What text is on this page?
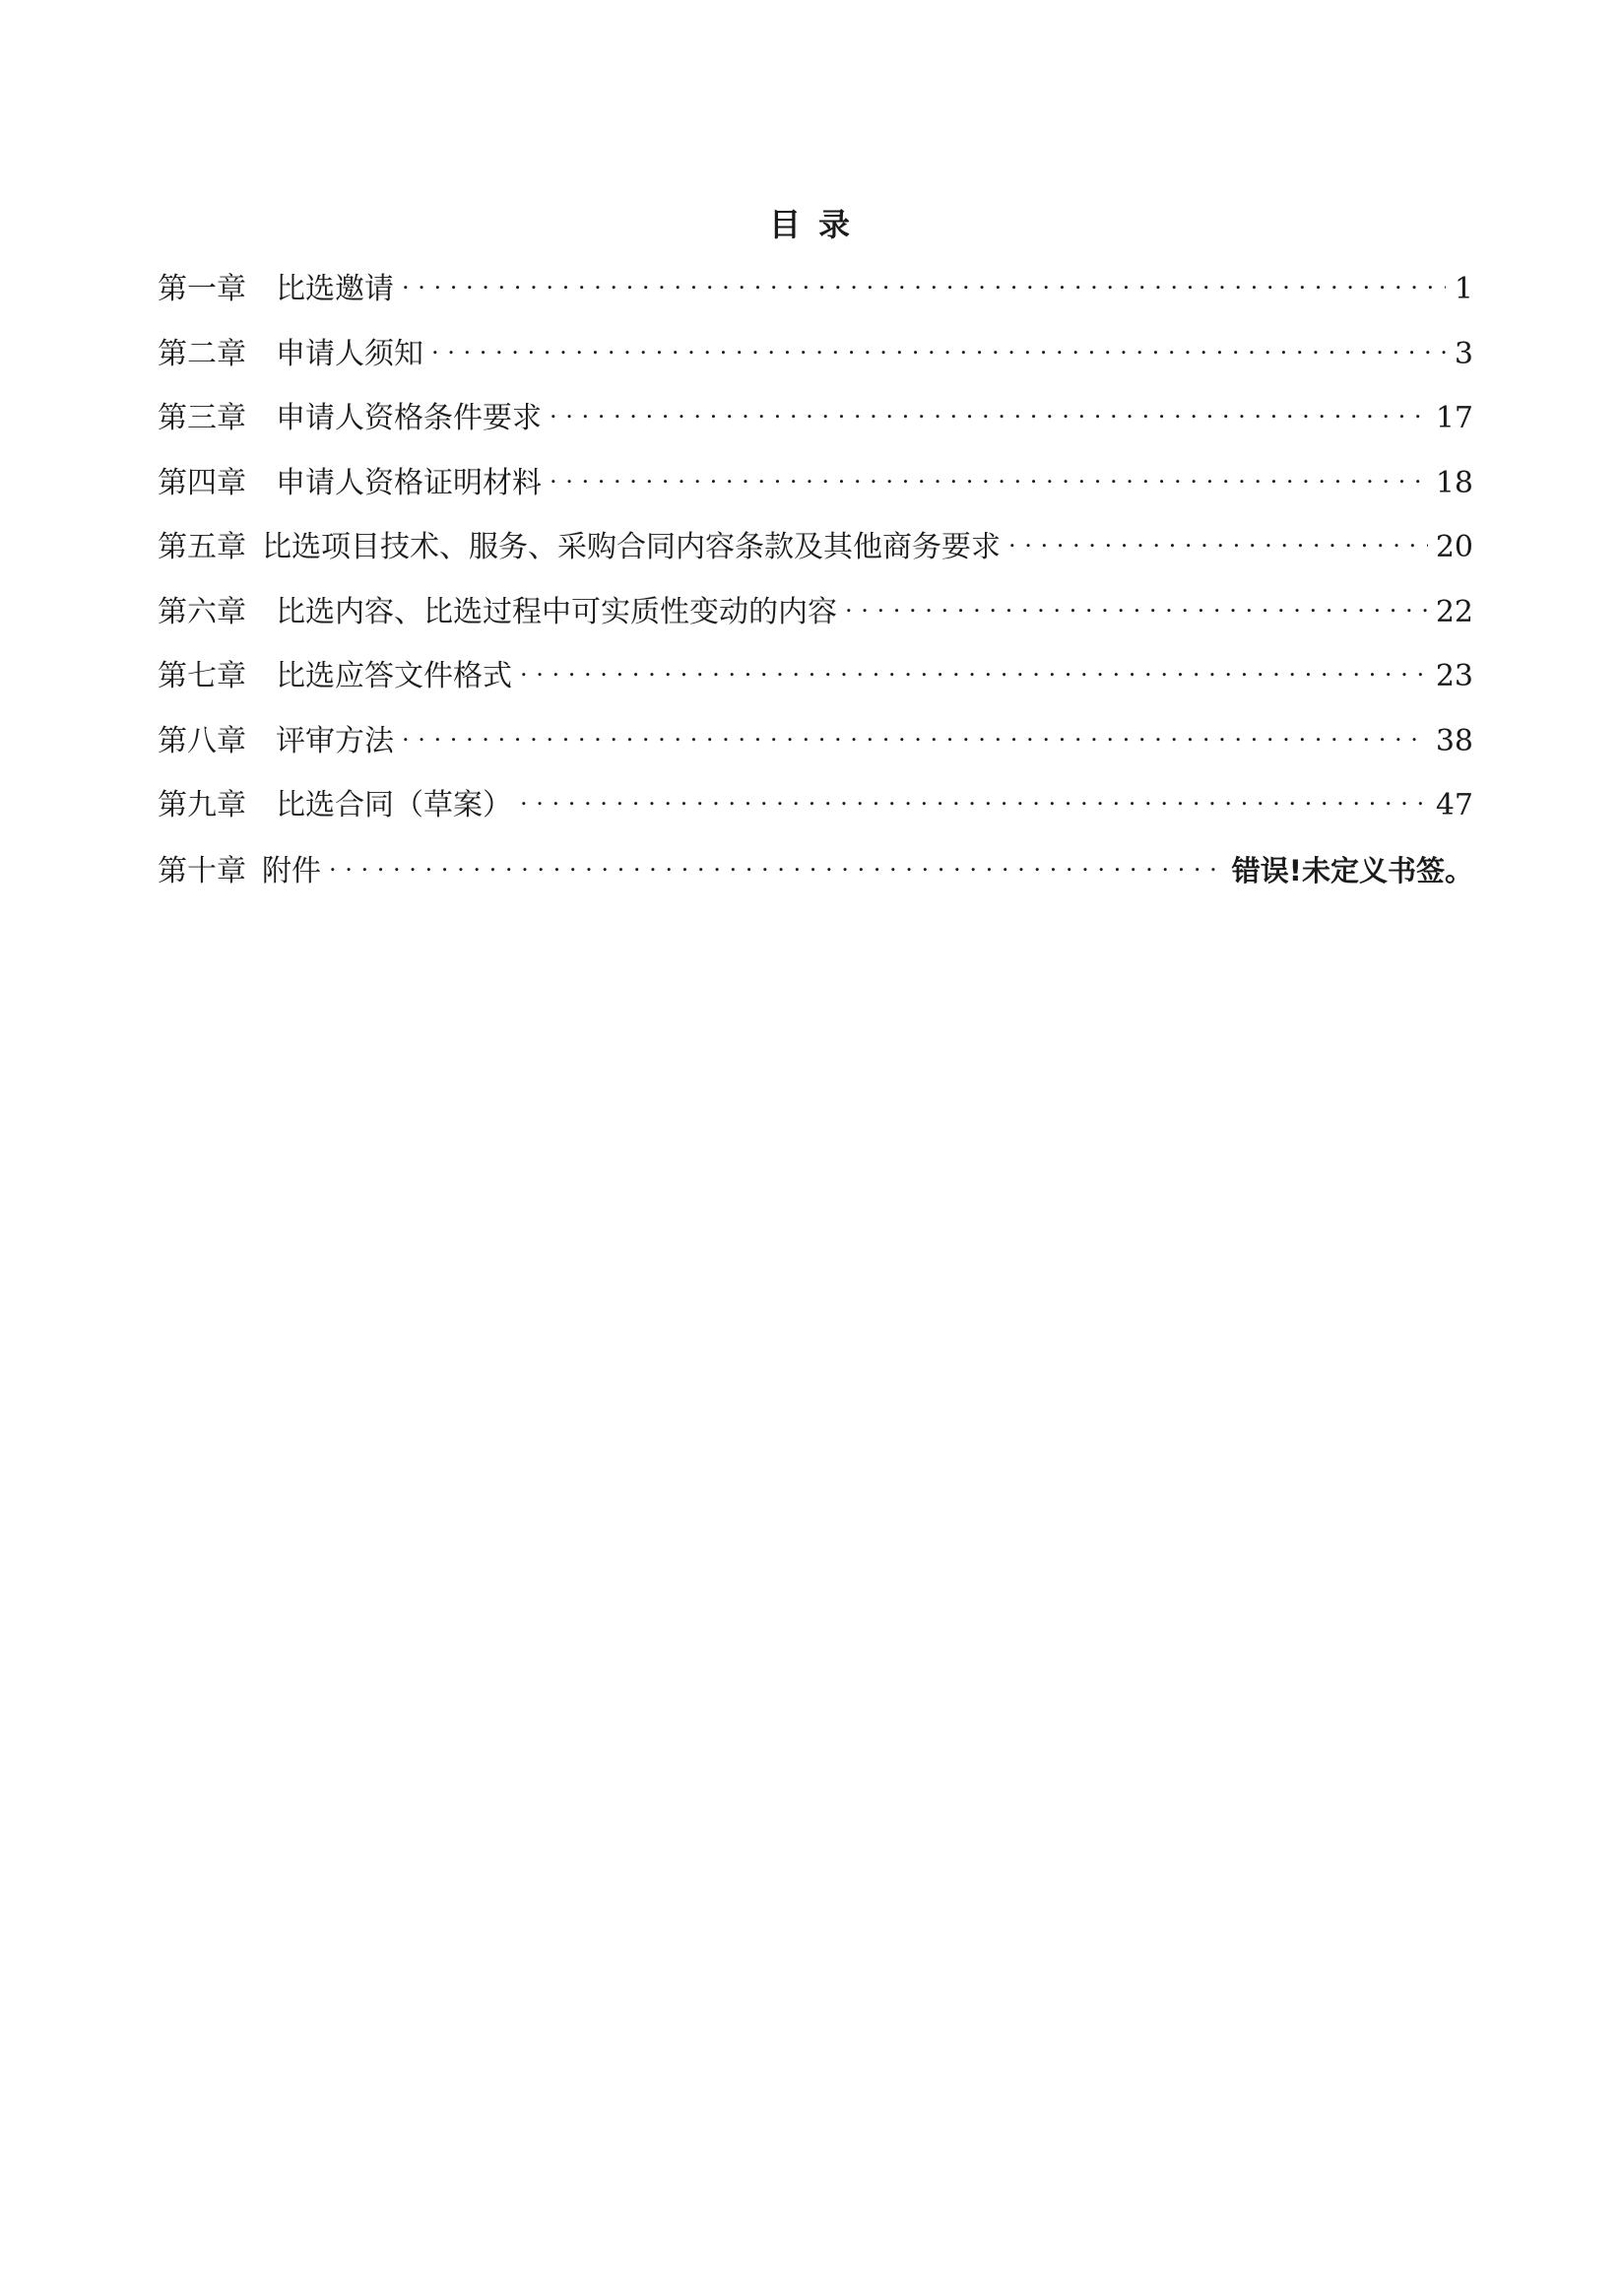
目 录
第一章 比选邀请 . . .	1
第二章 申请人须知 . . .	3
第三章 申请人资格条件要求 . . .	17
第四章 申请人资格证明材料 . . .	18
第五章 比选项目技术、服务、采购合同内容条款及其他商务要求 . . .	20
第六章 比选内容、比选过程中可实质性变动的内容 . . .	22
第七章 比选应答文件格式 . . .	23
第八章 评审方法 . . .	38
第九章 比选合同（草案） . . .	47
第十章 附件 . . .	错误!未定义书签。
